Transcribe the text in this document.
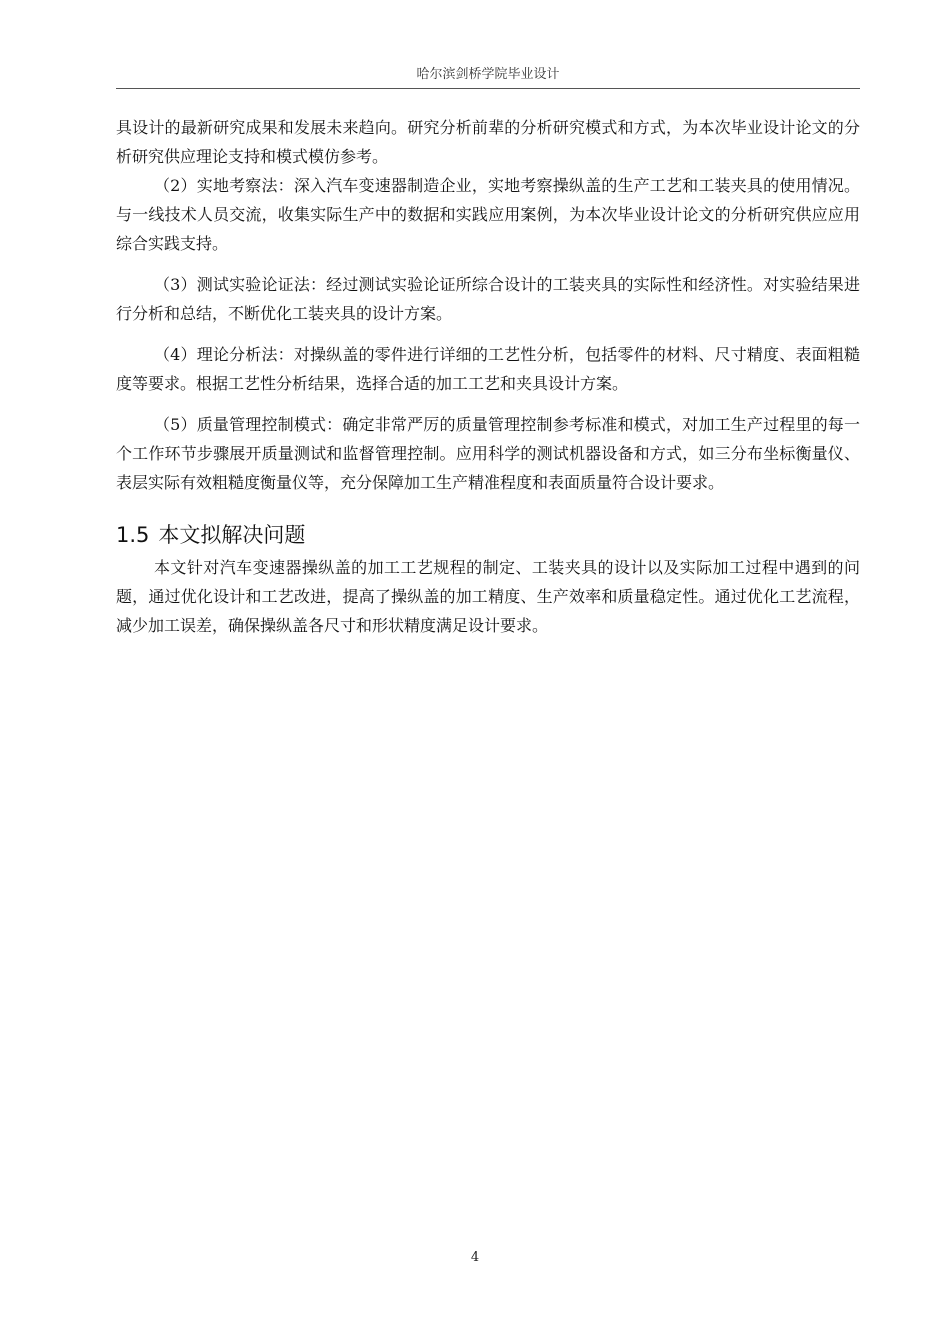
哈尔滨剑桥学院毕业设计

具设计的最新研究成果和发展未来趋向。研究分析前辈的分析研究模式和方式，为本次毕业设计论文的分析研究供应理论支持和模式模仿参考。

（2）实地考察法：深入汽车变速器制造企业，实地考察操纵盖的生产工艺和工装夹具的使用情况。与一线技术人员交流，收集实际生产中的数据和实践应用案例，为本次毕业设计论文的分析研究供应应用综合实践支持。

（3）测试实验论证法：经过测试实验论证所综合设计的工装夹具的实际性和经济性。对实验结果进行分析和总结，不断优化工装夹具的设计方案。

（4）理论分析法：对操纵盖的零件进行详细的工艺性分析，包括零件的材料、尺寸精度、表面粗糙度等要求。根据工艺性分析结果，选择合适的加工工艺和夹具设计方案。

（5）质量管理控制模式：确定非常严厉的质量管理控制参考标准和模式，对加工生产过程里的每一个工作环节步骤展开质量测试和监督管理控制。应用科学的测试机器设备和方式，如三分布坐标衡量仪、表层实际有效粗糙度衡量仪等，充分保障加工生产精准程度和表面质量符合设计要求。

1.5 本文拟解决问题

本文针对汽车变速器操纵盖的加工工艺规程的制定、工装夹具的设计以及实际加工过程中遇到的问题，通过优化设计和工艺改进，提高了操纵盖的加工精度、生产效率和质量稳定性。通过优化工艺流程，减少加工误差，确保操纵盖各尺寸和形状精度满足设计要求。

4
